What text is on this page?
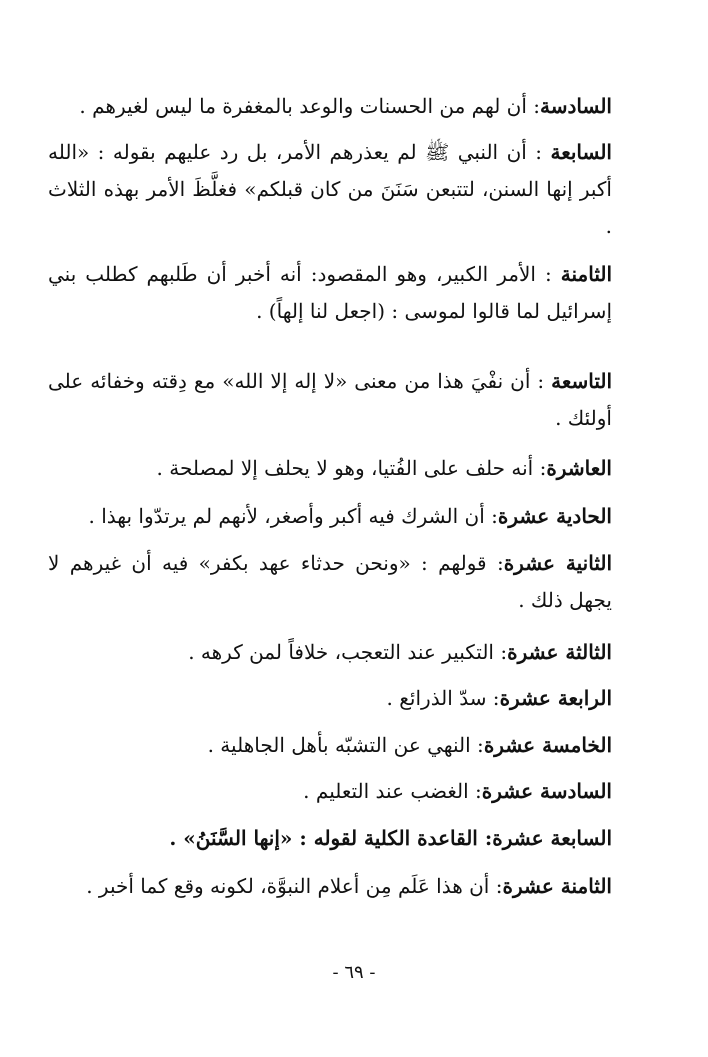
السادسة: أن لهم من الحسنات والوعد بالمغفرة ما ليس لغيرهم .

السابعة : أن النبي ﷺ لم يعذرهم الأمر، بل رد عليهم بقوله : «الله أكبر إنها السنن، لتتبعن سَنَنَ من كان قبلكم» فغلَّظَ الأمر بهذه الثلاث .

الثامنة : الأمر الكبير، وهو المقصود: أنه أخبر أن طَلبهم كطلب بني إسرائيل لما قالوا لموسى : (اجعل لنا إلهاً) .

التاسعة : أن نفْيَ هذا من معنى «لا إله إلا الله» مع دِقته وخفائه على أولئك .

العاشرة: أنه حلف على الفُتيا، وهو لا يحلف إلا لمصلحة .

الحادية عشرة: أن الشرك فيه أكبر وأصغر، لأنهم لم يرتدّوا بهذا .

الثانية عشرة: قولهم : «ونحن حدثاء عهد بكفر» فيه أن غيرهم لا يجهل ذلك .

الثالثة عشرة: التكبير عند التعجب، خلافاً لمن كرهه .

الرابعة عشرة: سدّ الذرائع .

الخامسة عشرة: النهي عن التشبّه بأهل الجاهلية .

السادسة عشرة: الغضب عند التعليم .

السابعة عشرة: القاعدة الكلية لقوله : «إنها السَّنَنُ» .

الثامنة عشرة: أن هذا عَلَم مِن أعلام النبوَّة، لكونه وقع كما أخبر .

- ٦٩ -
